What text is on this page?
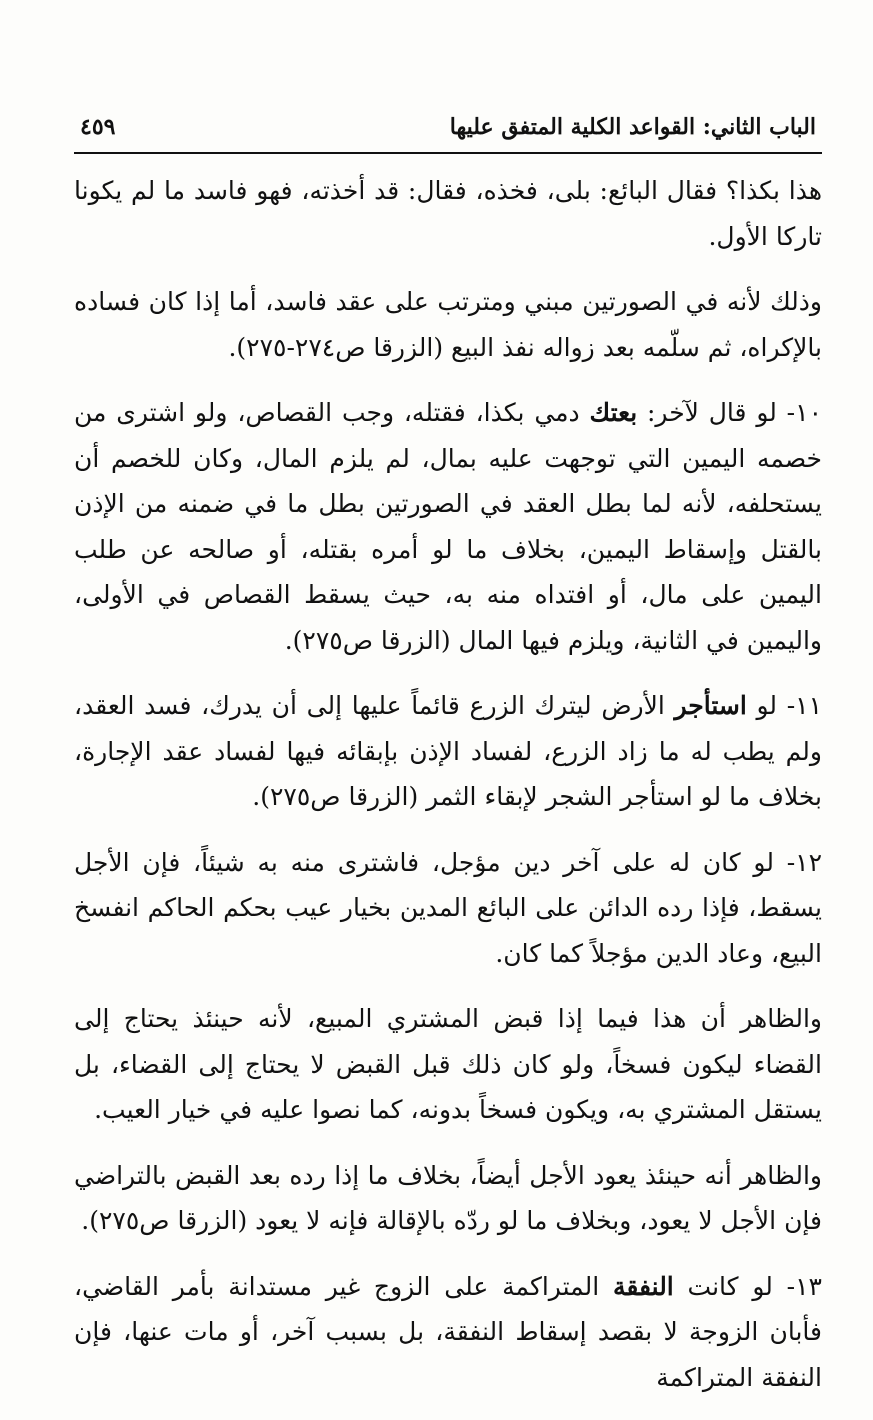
الباب الثاني: القواعد الكلية المتفق عليها
٤٥٩

هذا بكذا؟ فقال البائع: بلى، فخذه، فقال: قد أخذته، فهو فاسد ما لم يكونا تاركا الأول.

وذلك لأنه في الصورتين مبني ومترتب على عقد فاسد، أما إذا كان فساده بالإكراه، ثم سلّمه بعد زواله نفذ البيع (الزرقا ص٢٧٤-٢٧٥).

١٠- لو قال لآخر: بعتك دمي بكذا، فقتله، وجب القصاص، ولو اشترى من خصمه اليمين التي توجهت عليه بمال، لم يلزم المال، وكان للخصم أن يستحلفه، لأنه لما بطل العقد في الصورتين بطل ما في ضمنه من الإذن بالقتل وإسقاط اليمين، بخلاف ما لو أمره بقتله، أو صالحه عن طلب اليمين على مال، أو افتداه منه به، حيث يسقط القصاص في الأولى، واليمين في الثانية، ويلزم فيها المال (الزرقا ص٢٧٥).

١١- لو استأجر الأرض ليترك الزرع قائماً عليها إلى أن يدرك، فسد العقد، ولم يطب له ما زاد الزرع، لفساد الإذن بإبقائه فيها لفساد عقد الإجارة، بخلاف ما لو استأجر الشجر لإبقاء الثمر (الزرقا ص٢٧٥).

١٢- لو كان له على آخر دين مؤجل، فاشترى منه به شيئاً، فإن الأجل يسقط، فإذا رده الدائن على البائع المدين بخيار عيب بحكم الحاكم انفسخ البيع، وعاد الدين مؤجلاً كما كان.

والظاهر أن هذا فيما إذا قبض المشتري المبيع، لأنه حينئذ يحتاج إلى القضاء ليكون فسخاً، ولو كان ذلك قبل القبض لا يحتاج إلى القضاء، بل يستقل المشتري به، ويكون فسخاً بدونه، كما نصوا عليه في خيار العيب.

والظاهر أنه حينئذ يعود الأجل أيضاً، بخلاف ما إذا رده بعد القبض بالتراضي فإن الأجل لا يعود، وبخلاف ما لو ردّه بالإقالة فإنه لا يعود (الزرقا ص٢٧٥).

١٣- لو كانت النفقة المتراكمة على الزوج غير مستدانة بأمر القاضي، فأبان الزوجة لا بقصد إسقاط النفقة، بل بسبب آخر، أو مات عنها، فإن النفقة المتراكمة
